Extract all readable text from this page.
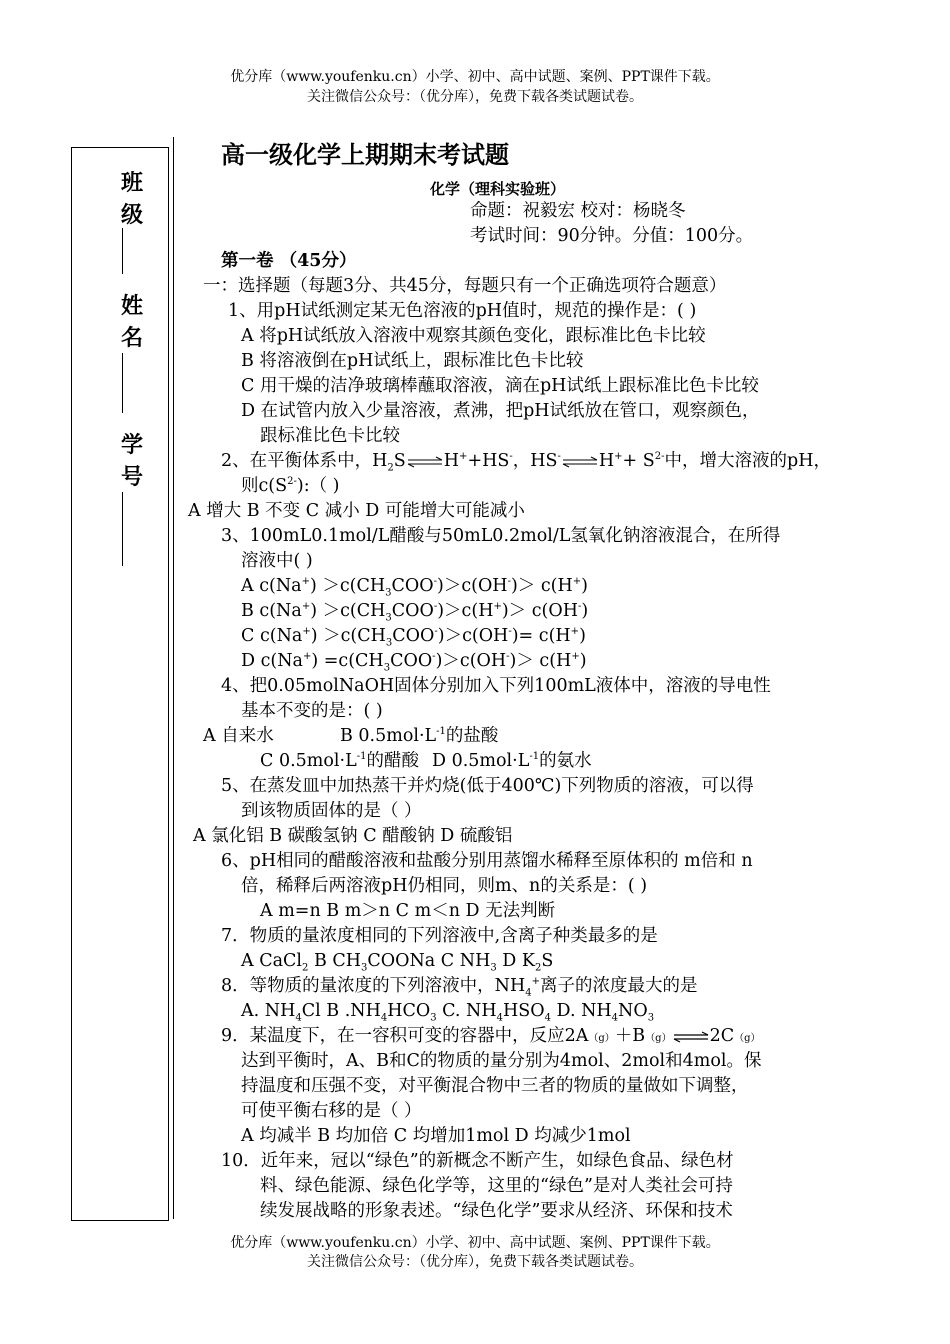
优分库（www.youfenku.cn）小学、初中、高中试题、案例、PPT课件下载。
关注微信公众号：（优分库），免费下载各类试题试卷。
班
级
姓
名
学
号
高一级化学上期期末考试题
化学（理科实验班）
命题：祝毅宏 校对：杨晓冬
考试时间：90分钟。分值：100分。
第一卷 （45分）
一：选择题（每题3分、共45分，每题只有一个正确选项符合题意）
1、用pH试纸测定某无色溶液的pH值时，规范的操作是：( )
A 将pH试纸放入溶液中观察其颜色变化，跟标准比色卡比较
B 将溶液倒在pH试纸上，跟标准比色卡比较
C 用干燥的洁净玻璃棒蘸取溶液，滴在pH试纸上跟标准比色卡比较
D 在试管内放入少量溶液，煮沸，把pH试纸放在管口，观察颜色，
跟标准比色卡比较
2、在平衡体系中，$H_2S\rightleftharpoons H^++HS^-$，HS-⇌H++ $S^{2-}$中，增大溶液的pH，
则$c(S^{2-})$:（ )
A 增大 B 不变 C 减小 D 可能增大可能减小
3、100mL0.1mol/L醋酸与50mL0.2mol/L氢氧化钠溶液混合，在所得
溶液中( )
A $c(Na^+) >c(CH_3COO^-)>c(OH^-)> c(H^+)$
B $c(Na^+) >c(CH_3COO^-)>c(H^+)> c(OH^-)$
C $c(Na^+) >c(CH_3COO^-)>c(OH^-)= c(H^+)$
D $c(Na^+) =c(CH_3COO^-)>c(OH^-)> c(H^+)$
4、把0.05molNaOH固体分别加入下列100mL液体中，溶液的导电性
基本不变的是：( )
A 自来水	B $0.5mol\cdot L^{-1}$的盐酸
C $0.5mol\cdot L^{-1}$的醋酸 D $0.5mol\cdot L^{-1}$的氨水
5、在蒸发皿中加热蒸干并灼烧(低于400℃)下列物质的溶液，可以得
到该物质固体的是（ ）
A 氯化铝 B 碳酸氢钠 C 醋酸钠 D 硫酸铝
6、pH相同的醋酸溶液和盐酸分别用蒸馏水稀释至原体积的 m倍和 n
倍，稀释后两溶液pH仍相同，则m、n的关系是：( )
A m=n B m＞n C m＜n D 无法判断
7．物质的量浓度相同的下列溶液中,含离子种类最多的是
A CaCl$_2$ B $CH_3COONa$ C $NH_3$ D $K_2S$
8．等物质的量浓度的下列溶液中，$NH_4^+$离子的浓度最大的是
A. $NH_4Cl$ B $.NH_4HCO_3$ C. $NH_4HSO_4$ D. $NH_4NO_3$
9．某温度下，在一容积可变的容器中，反应2A（g）＋B（g）⇌2C（g）
达到平衡时，A、B和C的物质的量分别为4mol、2mol和4mol。保
持温度和压强不变，对平衡混合物中三者的物质的量做如下调整，
可使平衡右移的是（ ）
A 均减半 B 均加倍 C 均增加1mol D 均减少1mol
10．近年来，冠以“绿色”的新概念不断产生，如绿色食品、绿色材
料、绿色能源、绿色化学等，这里的“绿色”是对人类社会可持
续发展战略的形象表述。“绿色化学”要求从经济、环保和技术
优分库（www.youfenku.cn）小学、初中、高中试题、案例、PPT课件下载。
关注微信公众号：（优分库），免费下载各类试题试卷。
